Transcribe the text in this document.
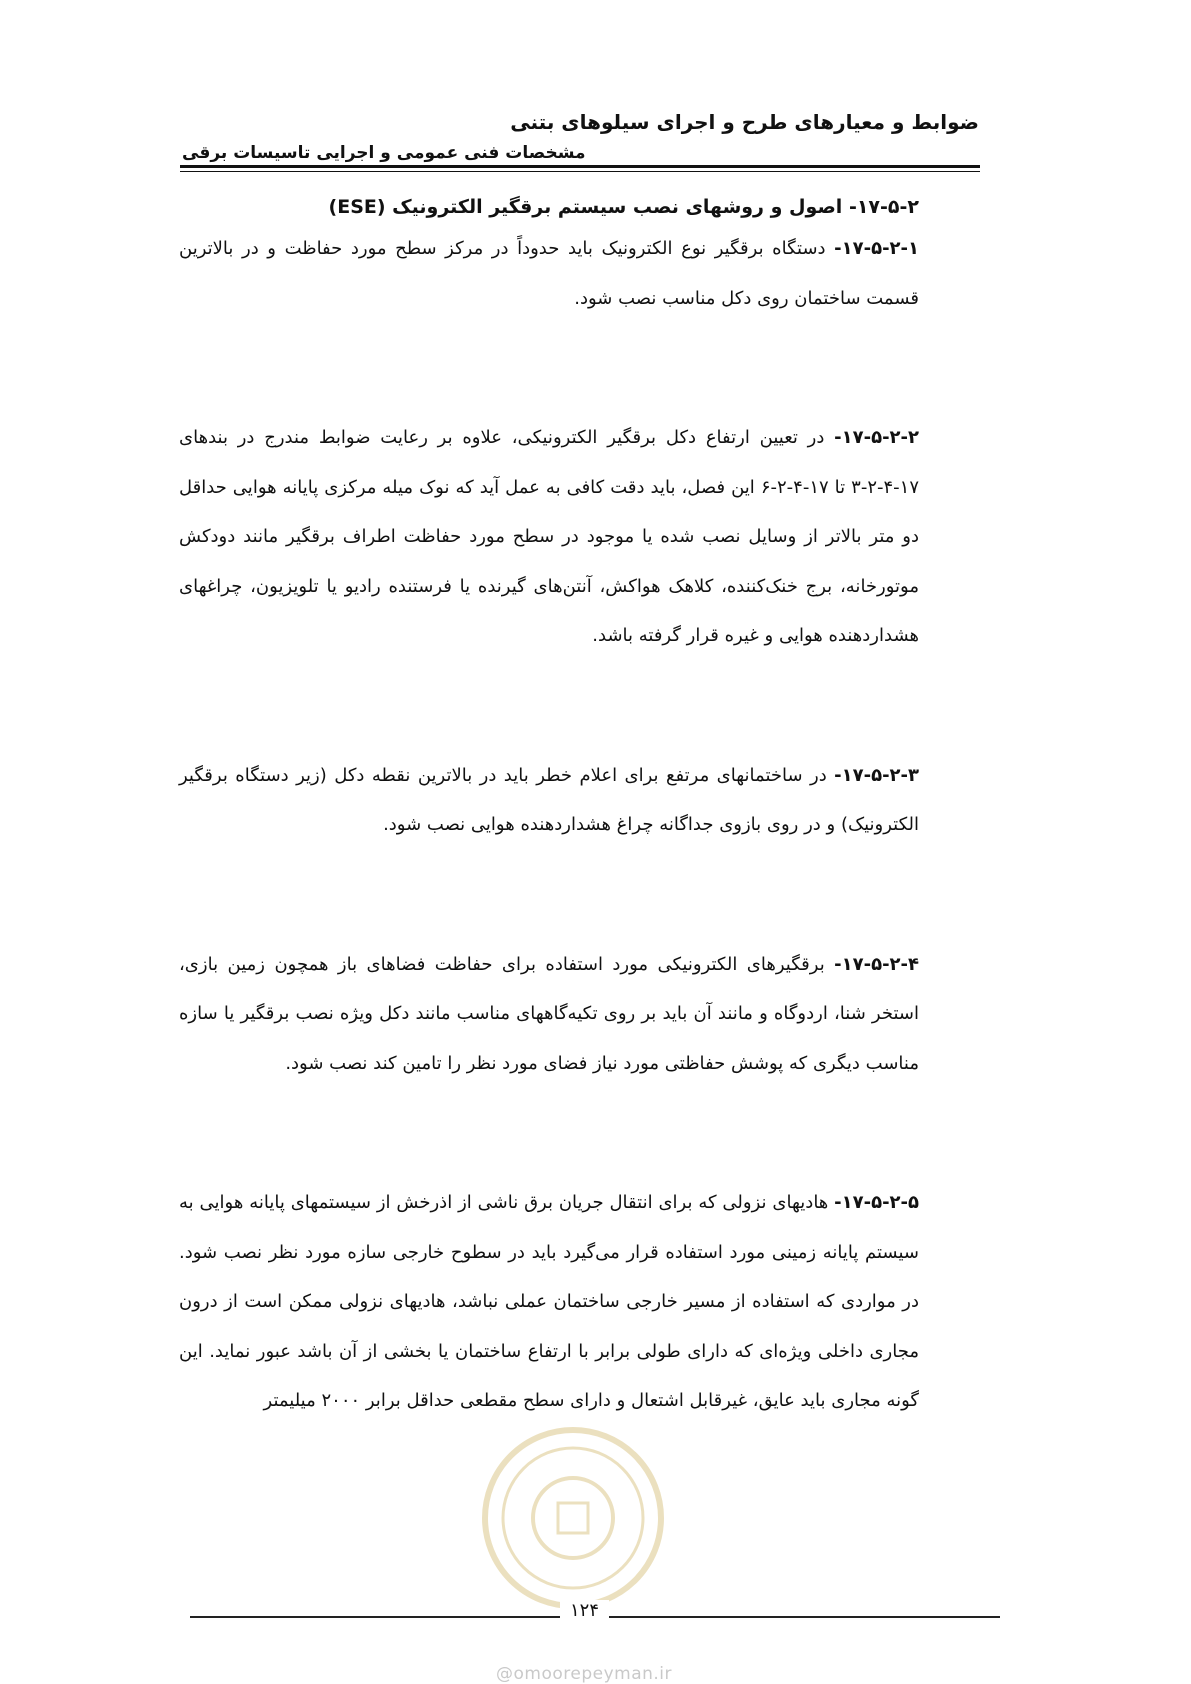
ضوابط و معیارهای طرح و اجرای سیلوهای بتنی

مشخصات فنی عمومی و اجرایی تاسیسات برقی

۱۷-۵-۲- اصول و روشهای نصب سیستم برقگیر الکترونیک (ESE)

۱۷-۵-۲-۱- دستگاه برقگیر نوع الکترونیک باید حدوداً در مرکز سطح مورد حفاظت و در بالاترین قسمت ساختمان روی دکل مناسب نصب شود.

۱۷-۵-۲-۲- در تعیین ارتفاع دکل برقگیر الکترونیکی، علاوه بر رعایت ضوابط مندرج در بندهای ۱۷-۴-۲-۳ تا ۱۷-۴-۲-۶ این فصل، باید دقت کافی به عمل آید که نوک میله مرکزی پایانه هوایی حداقل دو متر بالاتر از وسایل نصب شده یا موجود در سطح مورد حفاظت اطراف برقگیر مانند دودکش موتورخانه، برج خنک‌کننده، کلاهک هواکش، آنتن‌های گیرنده یا فرستنده رادیو یا تلویزیون، چراغهای هشداردهنده هوایی و غیره قرار گرفته باشد.

۱۷-۵-۲-۳- در ساختمانهای مرتفع برای اعلام خطر باید در بالاترین نقطه دکل (زیر دستگاه برقگیر الکترونیک) و در روی بازوی جداگانه چراغ هشداردهنده هوایی نصب شود.

۱۷-۵-۲-۴- برقگیرهای الکترونیکی مورد استفاده برای حفاظت فضاهای باز همچون زمین بازی، استخر شنا، اردوگاه و مانند آن باید بر روی تکیه‌گاههای مناسب مانند دکل ویژه نصب برقگیر یا سازه مناسب دیگری که پوشش حفاظتی مورد نیاز فضای مورد نظر را تامین کند نصب شود.

۱۷-۵-۲-۵- هادیهای نزولی که برای انتقال جریان برق ناشی از اذرخش از سیستمهای پایانه هوایی به سیستم پایانه زمینی مورد استفاده قرار می‌گیرد باید در سطوح خارجی سازه مورد نظر نصب شود. در مواردی که استفاده از مسیر خارجی ساختمان عملی نباشد، هادیهای نزولی ممکن است از درون مجاری داخلی ویژه‌ای که دارای طولی برابر با ارتفاع ساختمان یا بخشی از آن باشد عبور نماید. این گونه مجاری باید عایق، غیرقابل اشتعال و دارای سطح مقطعی حداقل برابر ۲۰۰۰ میلیمتر

۱۲۴
@omoorepeyman.ir
